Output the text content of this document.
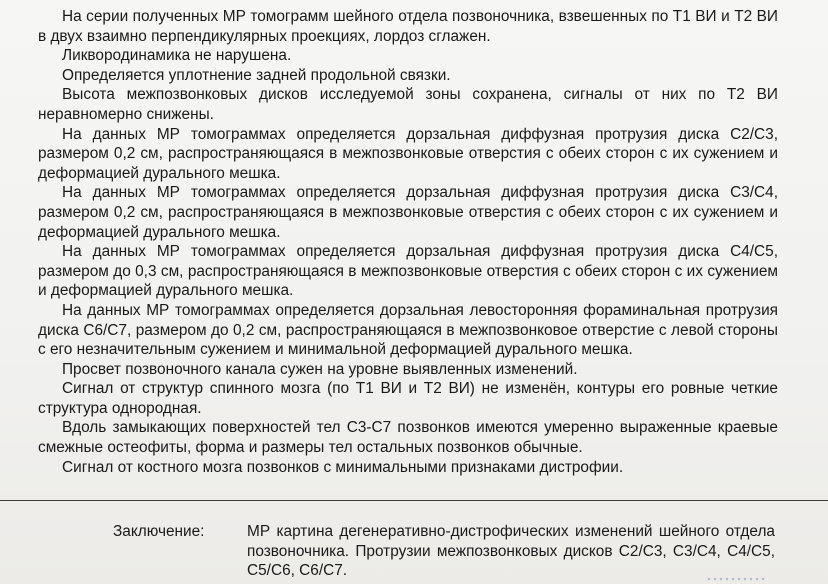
На серии полученных МР томограмм шейного отдела позвоночника, взвешенных по Т1 ВИ и Т2 ВИ в двух взаимно перпендикулярных проекциях, лордоз сглажен.

Ликвородинамика не нарушена.

Определяется уплотнение задней продольной связки.

Высота межпозвонковых дисков исследуемой зоны сохранена, сигналы от них по Т2 ВИ неравномерно снижены.

На данных МР томограммах определяется дорзальная диффузная протрузия диска С2/С3, размером 0,2 см, распространяющаяся в межпозвонковые отверстия с обеих сторон с их сужением и деформацией дурального мешка.

На данных МР томограммах определяется дорзальная диффузная протрузия диска С3/С4, размером 0,2 см, распространяющаяся в межпозвонковые отверстия с обеих сторон с их сужением и деформацией дурального мешка.

На данных МР томограммах определяется дорзальная диффузная протрузия диска С4/С5, размером до 0,3 см, распространяющаяся в межпозвонковые отверстия с обеих сторон с их сужением и деформацией дурального мешка.

На данных МР томограммах определяется дорзальная левосторонняя фораминальная протрузия диска С6/С7, размером до 0,2 см, распространяющаяся в межпозвонковое отверстие с левой стороны с его незначительным сужением и минимальной деформацией дурального мешка.

Просвет позвоночного канала сужен на уровне выявленных изменений.

Сигнал от структур спинного мозга (по Т1 ВИ и Т2 ВИ) не изменён, контуры его ровные четкие структура однородная.

Вдоль замыкающих поверхностей тел С3-С7 позвонков имеются умеренно выраженные краевые смежные остеофиты, форма и размеры тел остальных позвонков обычные.

Сигнал от костного мозга позвонков с минимальными признаками дистрофии.

Заключение:	МР картина дегенеративно-дистрофических изменений шейного отдела позвоночника. Протрузии межпозвонковых дисков С2/С3, С3/С4, С4/С5, С5/С6, С6/С7.
